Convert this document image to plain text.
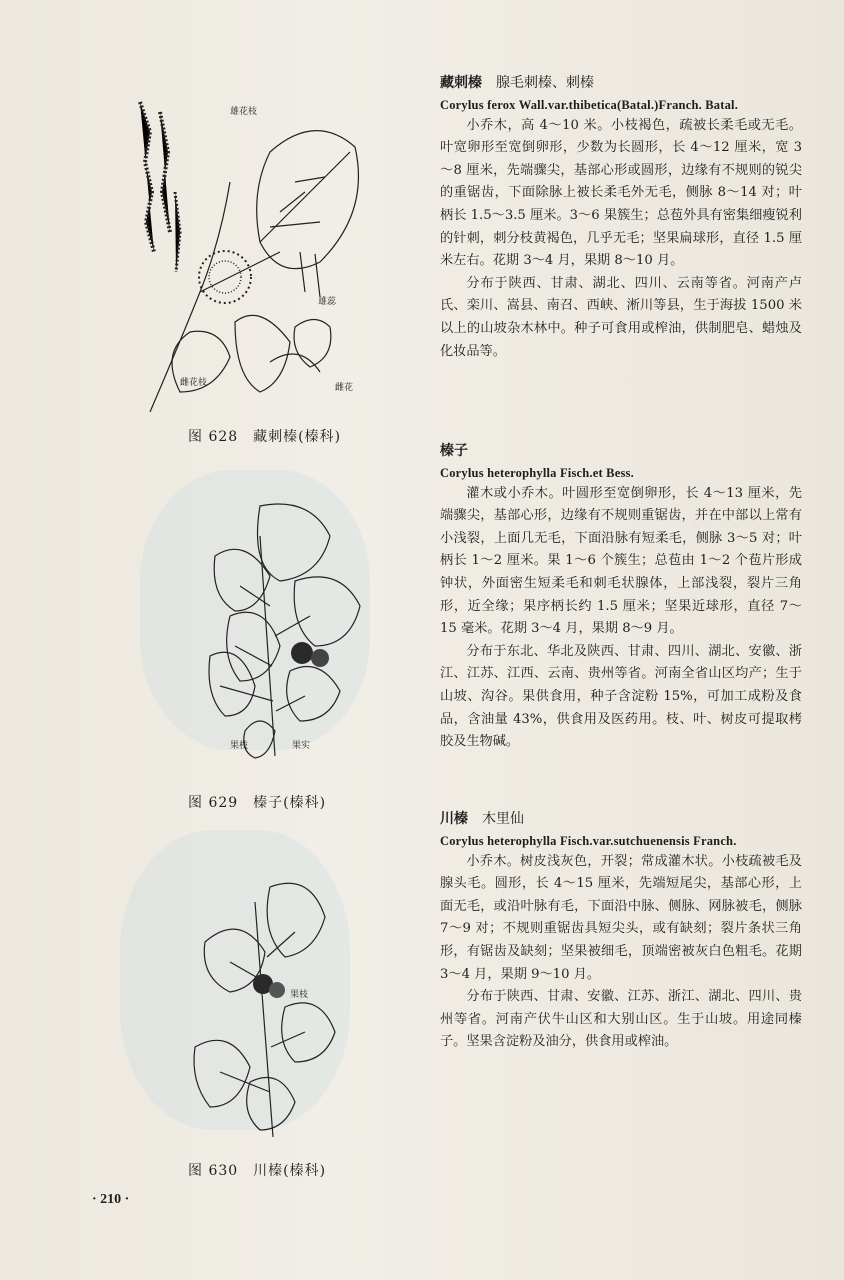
雄花枝
雄蕊
雌花枝	雌花
图 628　藏刺榛(榛科)
果枝	果实
图 629　榛子(榛科)
果枝
图 630　川榛(榛科)
藏刺榛 腺毛刺榛、刺榛
Corylus ferox Wall.var.thibetica(Batal.)Franch. Batal.

小乔木，高 4～10 米。小枝褐色，疏被长柔毛或无毛。叶宽卵形至宽倒卵形，少数为长圆形，长 4～12 厘米，宽 3～8 厘米，先端骤尖，基部心形或圆形，边缘有不规则的锐尖的重锯齿，下面除脉上被长柔毛外无毛，侧脉 8～14 对；叶柄长 1.5～3.5 厘米。3～6 果簇生；总苞外具有密集细瘦锐利的针刺，刺分枝黄褐色，几乎无毛；坚果扁球形，直径 1.5 厘米左右。花期 3～4 月，果期 8～10 月。

分布于陕西、甘肃、湖北、四川、云南等省。河南产卢氏、栾川、嵩县、南召、西峡、淅川等县，生于海拔 1500 米以上的山坡杂木林中。种子可食用或榨油，供制肥皂、蜡烛及化妆品等。

榛子
Corylus heterophylla Fisch.et Bess.

灌木或小乔木。叶圆形至宽倒卵形，长 4～13 厘米，先端骤尖，基部心形，边缘有不规则重锯齿，并在中部以上常有小浅裂，上面几无毛，下面沿脉有短柔毛，侧脉 3～5 对；叶柄长 1～2 厘米。果 1～6 个簇生；总苞由 1～2 个苞片形成钟状，外面密生短柔毛和刺毛状腺体，上部浅裂，裂片三角形，近全缘；果序柄长约 1.5 厘米；坚果近球形，直径 7～15 毫米。花期 3～4 月，果期 8～9 月。

分布于东北、华北及陕西、甘肃、四川、湖北、安徽、浙江、江苏、江西、云南、贵州等省。河南全省山区均产；生于山坡、沟谷。果供食用，种子含淀粉 15%，可加工成粉及食品，含油量 43%，供食用及医药用。枝、叶、树皮可提取栲胶及生物碱。

川榛 木里仙
Corylus heterophylla Fisch.var.sutchuenensis Franch.

小乔木。树皮浅灰色，开裂；常成灌木状。小枝疏被毛及腺头毛。圆形，长 4～15 厘米，先端短尾尖，基部心形，上面无毛，或沿叶脉有毛，下面沿中脉、侧脉、网脉被毛，侧脉 7～9 对；不规则重锯齿具短尖头，或有缺刻；裂片条状三角形，有锯齿及缺刻；坚果被细毛，顶端密被灰白色粗毛。花期 3～4 月，果期 9～10 月。

分布于陕西、甘肃、安徽、江苏、浙江、湖北、四川、贵州等省。河南产伏牛山区和大别山区。生于山坡。用途同榛子。坚果含淀粉及油分，供食用或榨油。

· 210 ·
